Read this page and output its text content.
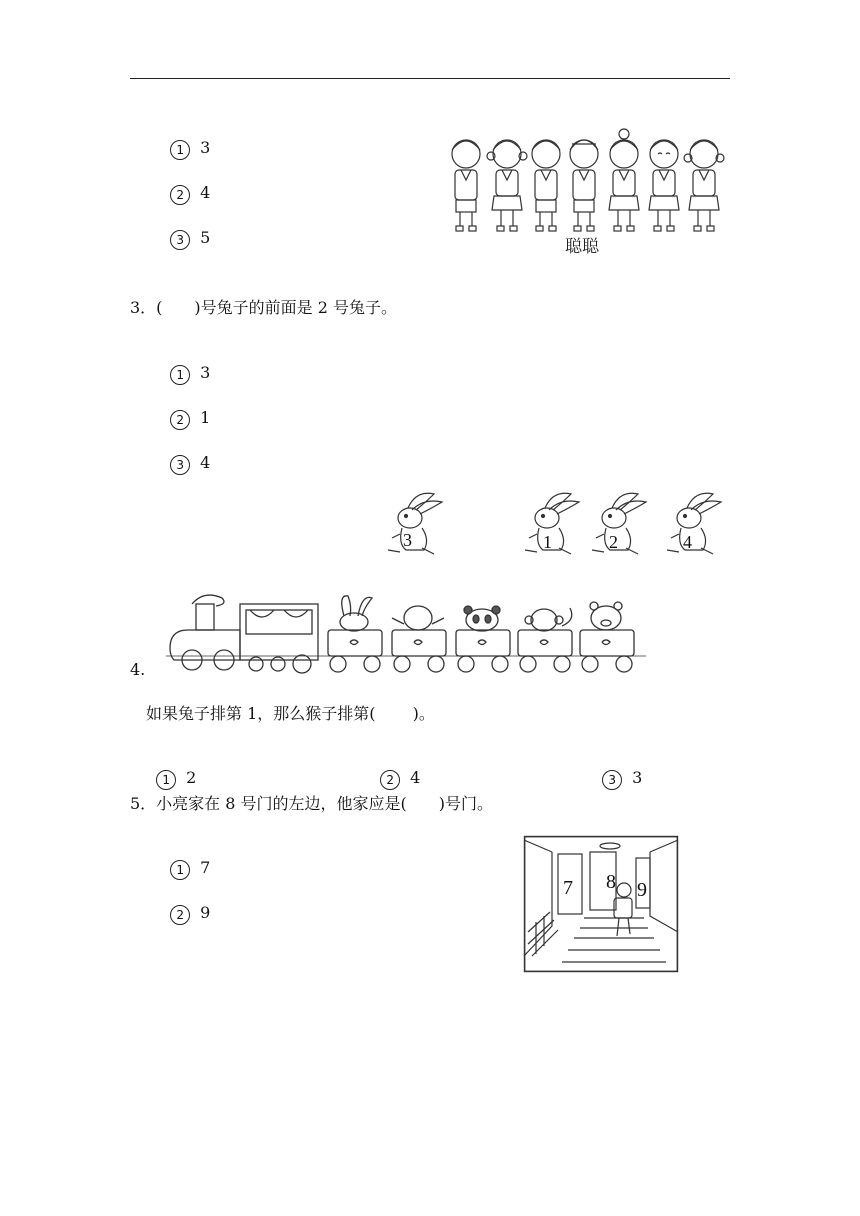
1 3

2 4

3 5	聪聪
3．(　　)号兔子的前面是 2 号兔子。

1 3

2 1

3 4

3	1	2	4
4.
如果兔子排第 1，那么猴子排第(　　 )。

1 2	2 4	3 3

5．小亮家在 8 号门的左边，他家应是(　　)号门。

1 7

2 9

7 8 9
